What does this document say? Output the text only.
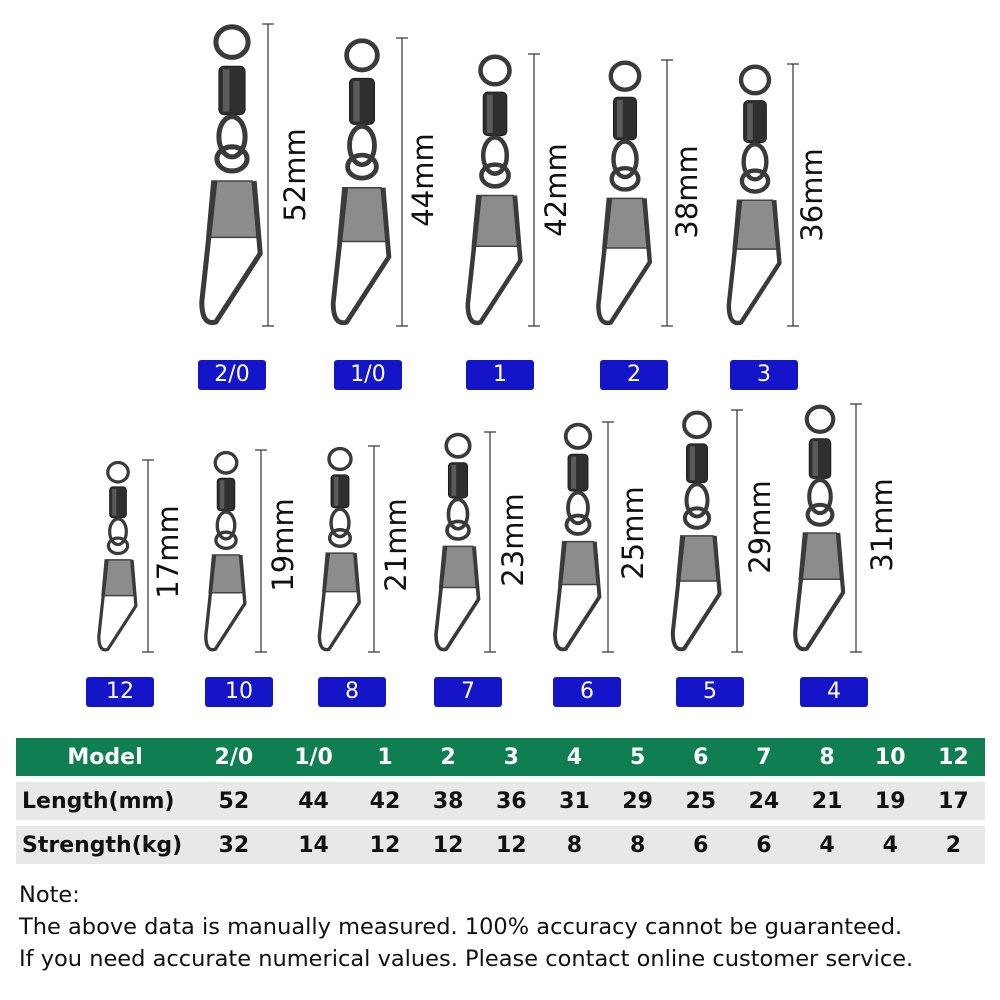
2/0	1/0	1	2	3
12	10	8	7	6	5	4
52mm	44mm	42mm	38mm	36mm
17mm	19mm	21mm	23mm	25mm	29mm	31mm
Model	2/0	1/0	1	2	3	4	5	6	7	8	10	12
Length(mm)	52	44	42	38	36	31	29	25	24	21	19	17
Strength(kg)	32	14	12	12	12	8	8	6	6	4	4	2
Note:
The above data is manually measured. 100% accuracy cannot be guaranteed.
If you need accurate numerical values. Please contact online customer service.
